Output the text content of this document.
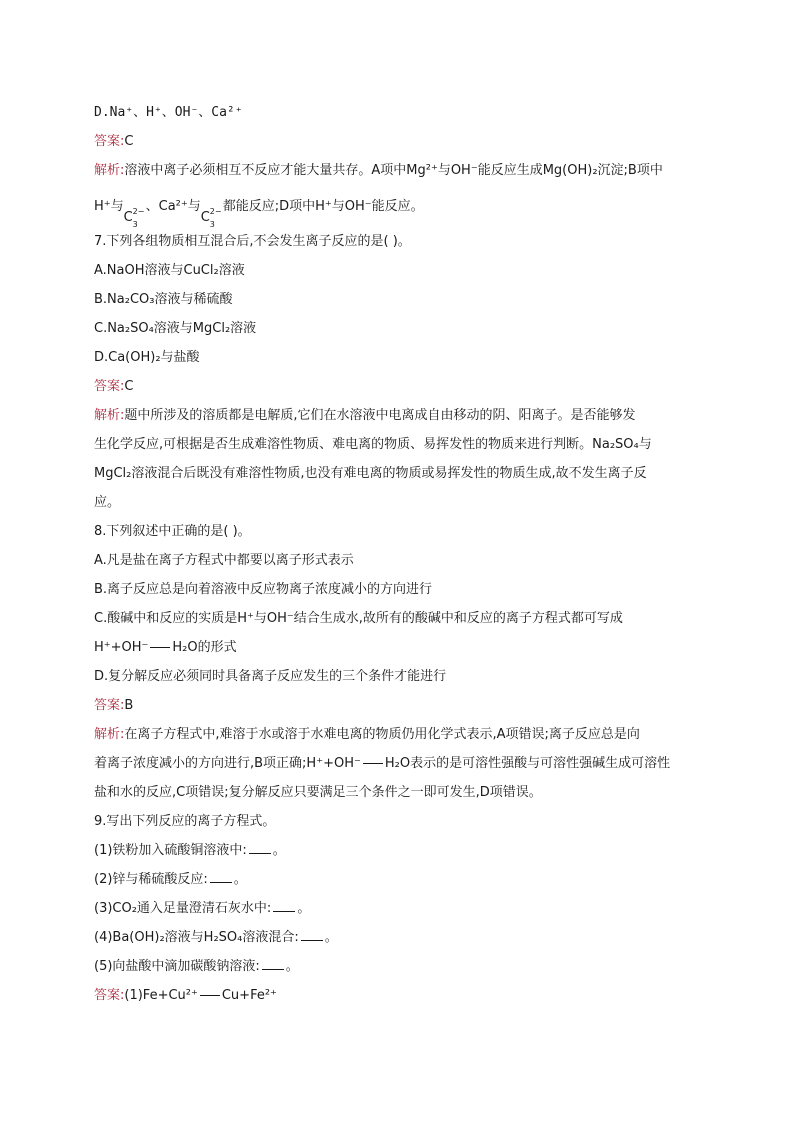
D.Na⁺、H⁺、OH⁻、Ca²⁺
答案:C
解析:溶液中离子必须相互不反应才能大量共存。A项中Mg²⁺与OH⁻能反应生成Mg(OH)₂沉淀;B项中
H⁺与
C 2−
3
、Ca²⁺与
C 2−
3
都能反应;D项中H⁺与OH⁻能反应。
7.下列各组物质相互混合后,不会发生离子反应的是( )。
A.NaOH溶液与CuCl₂溶液
B.Na₂CO₃溶液与稀硫酸
C.Na₂SO₄溶液与MgCl₂溶液
D.Ca(OH)₂与盐酸
答案:C
解析:题中所涉及的溶质都是电解质,它们在水溶液中电离成自由移动的阴、阳离子。是否能够发
生化学反应,可根据是否生成难溶性物质、难电离的物质、易挥发性的物质来进行判断。Na₂SO₄与
MgCl₂溶液混合后既没有难溶性物质,也没有难电离的物质或易挥发性的物质生成,故不发生离子反
应。
8.下列叙述中正确的是( )。
A.凡是盐在离子方程式中都要以离子形式表示
B.离子反应总是向着溶液中反应物离子浓度减小的方向进行
C.酸碱中和反应的实质是H⁺与OH⁻结合生成水,故所有的酸碱中和反应的离子方程式都可写成
H⁺+OH⁻ H₂O的形式
D.复分解反应必须同时具备离子反应发生的三个条件才能进行
答案:B
解析:在离子方程式中,难溶于水或溶于水难电离的物质仍用化学式表示,A项错误;离子反应总是向
着离子浓度减小的方向进行,B项正确;H⁺+OH⁻ H₂O表示的是可溶性强酸与可溶性强碱生成可溶性
盐和水的反应,C项错误;复分解反应只要满足三个条件之一即可发生,D项错误。
9.写出下列反应的离子方程式。
(1)铁粉加入硫酸铜溶液中: 。
(2)锌与稀硫酸反应: 。
(3)CO₂通入足量澄清石灰水中: 。
(4)Ba(OH)₂溶液与H₂SO₄溶液混合: 。
(5)向盐酸中滴加碳酸钠溶液: 。
答案:(1)Fe+Cu²⁺ Cu+Fe²⁺
